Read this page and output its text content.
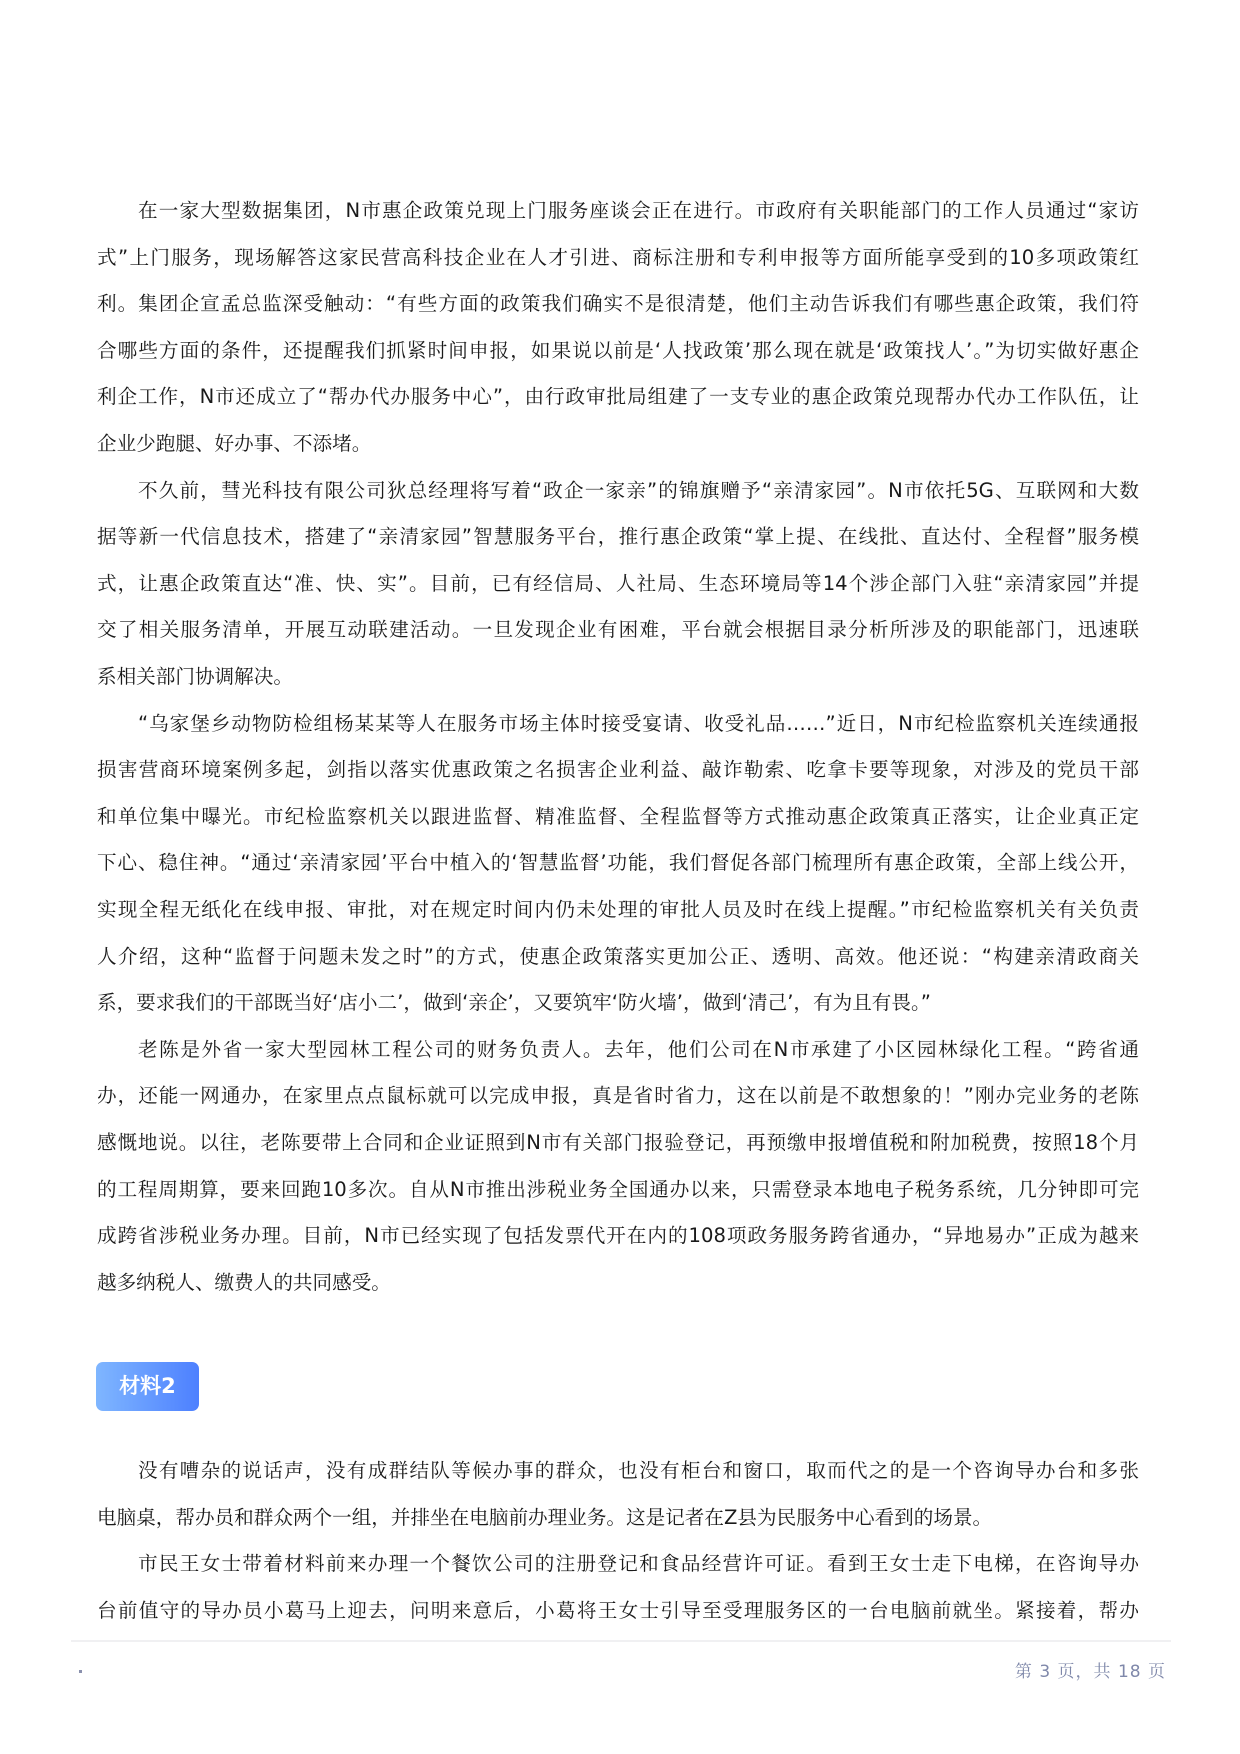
在一家大型数据集团，N市惠企政策兑现上门服务座谈会正在进行。市政府有关职能部门的工作人员通过“家访
式”上门服务，现场解答这家民营高科技企业在人才引进、商标注册和专利申报等方面所能享受到的10多项政策红
利。集团企宣孟总监深受触动：“有些方面的政策我们确实不是很清楚，他们主动告诉我们有哪些惠企政策，我们符
合哪些方面的条件，还提醒我们抓紧时间申报，如果说以前是‘人找政策’那么现在就是‘政策找人’。”为切实做好惠企
利企工作，N市还成立了“帮办代办服务中心”，由行政审批局组建了一支专业的惠企政策兑现帮办代办工作队伍，让
企业少跑腿、好办事、不添堵。
不久前，彗光科技有限公司狄总经理将写着“政企一家亲”的锦旗赠予“亲清家园”。N市依托5G、互联网和大数
据等新一代信息技术，搭建了“亲清家园”智慧服务平台，推行惠企政策“掌上提、在线批、直达付、全程督”服务模
式，让惠企政策直达“准、快、实”。目前，已有经信局、人社局、生态环境局等14个涉企部门入驻“亲清家园”并提
交了相关服务清单，开展互动联建活动。一旦发现企业有困难，平台就会根据目录分析所涉及的职能部门，迅速联
系相关部门协调解决。
“乌家堡乡动物防检组杨某某等人在服务市场主体时接受宴请、收受礼品……”近日，N市纪检监察机关连续通报
损害营商环境案例多起，剑指以落实优惠政策之名损害企业利益、敲诈勒索、吃拿卡要等现象，对涉及的党员干部
和单位集中曝光。市纪检监察机关以跟进监督、精准监督、全程监督等方式推动惠企政策真正落实，让企业真正定
下心、稳住神。“通过‘亲清家园’平台中植入的‘智慧监督’功能，我们督促各部门梳理所有惠企政策，全部上线公开，
实现全程无纸化在线申报、审批，对在规定时间内仍未处理的审批人员及时在线上提醒。”市纪检监察机关有关负责
人介绍，这种“监督于问题未发之时”的方式，使惠企政策落实更加公正、透明、高效。他还说：“构建亲清政商关
系，要求我们的干部既当好‘店小二’，做到‘亲企’，又要筑牢‘防火墙’，做到‘清己’，有为且有畏。”
老陈是外省一家大型园林工程公司的财务负责人。去年，他们公司在N市承建了小区园林绿化工程。“跨省通
办，还能一网通办，在家里点点鼠标就可以完成申报，真是省时省力，这在以前是不敢想象的！”刚办完业务的老陈
感慨地说。以往，老陈要带上合同和企业证照到N市有关部门报验登记，再预缴申报增值税和附加税费，按照18个月
的工程周期算，要来回跑10多次。自从N市推出涉税业务全国通办以来，只需登录本地电子税务系统，几分钟即可完
成跨省涉税业务办理。目前，N市已经实现了包括发票代开在内的108项政务服务跨省通办，“异地易办”正成为越来
越多纳税人、缴费人的共同感受。
材料2
没有嘈杂的说话声，没有成群结队等候办事的群众，也没有柜台和窗口，取而代之的是一个咨询导办台和多张
电脑桌，帮办员和群众两个一组，并排坐在电脑前办理业务。这是记者在Z县为民服务中心看到的场景。
市民王女士带着材料前来办理一个餐饮公司的注册登记和食品经营许可证。看到王女士走下电梯，在咨询导办
台前值守的导办员小葛马上迎去，问明来意后，小葛将王女士引导至受理服务区的一台电脑前就坐。紧接着，帮办
第 3 页，共 18 页
